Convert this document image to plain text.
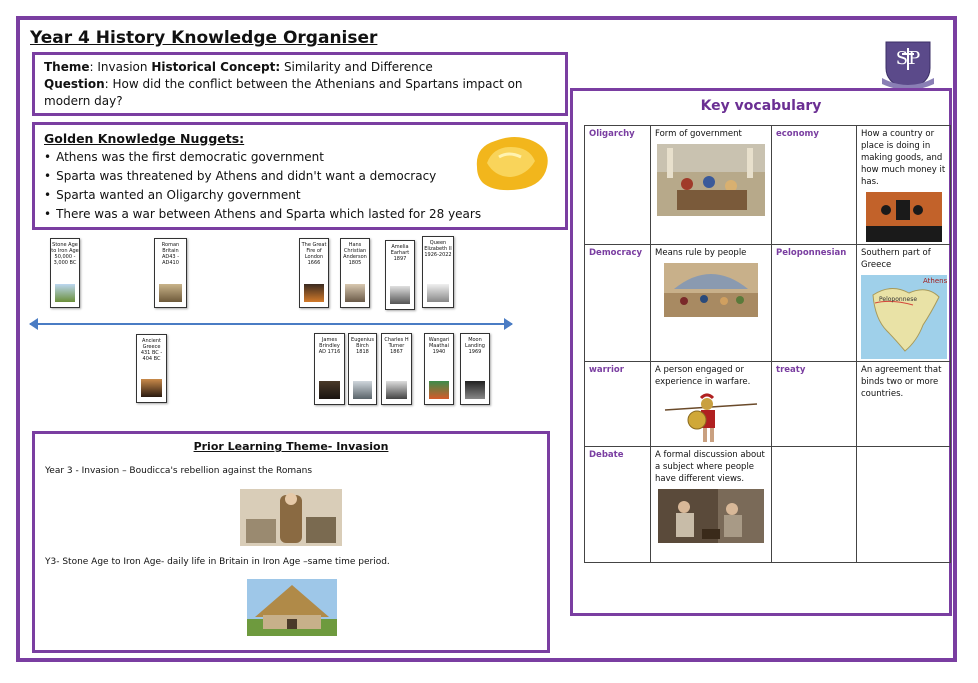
Year 4 History Knowledge Organiser
SP
Theme: Invasion Historical Concept: Similarity and Difference
Question: How did the conflict between the Athenians and Spartans impact on modern day?
Golden Knowledge Nuggets:
• Athens was the first democratic government
• Sparta was threatened by Athens and didn't want a democracy
• Sparta wanted an Oligarchy government
• There was a war between Athens and Sparta which lasted for 28 years
Stone Age to Iron Age
50,000 - 3,000 BC
Roman Britain
AD43 - AD410
The Great Fire of London
1666
Hans Christian Anderson
1805
Amelia Earhart
1897
Queen Elizabeth II
1926-2022
Ancient Greece
431 BC - 404 BC
James Brindley
AD 1716
Eugenius Birch
1818
Charles H Turner
1867
Wangari Maathai
1940
Moon Landing
1969
Prior Learning Theme- Invasion
Year 3 - Invasion – Boudicca's rebellion against the Romans
Y3- Stone Age to Iron Age- daily life in Britain in Iron Age –same time period.
Key vocabulary
Oligarchy	Form of government	economy	How a country or place is doing in making goods, and how much money it has.

Democracy	Means rule by people	Peloponnesian	Southern part of Greece
Athens
Peloponnese

warrior	A person engaged or experience in warfare.	treaty	An agreement that binds two or more countries.
Debate	A formal discussion about a subject where people have different views.		
